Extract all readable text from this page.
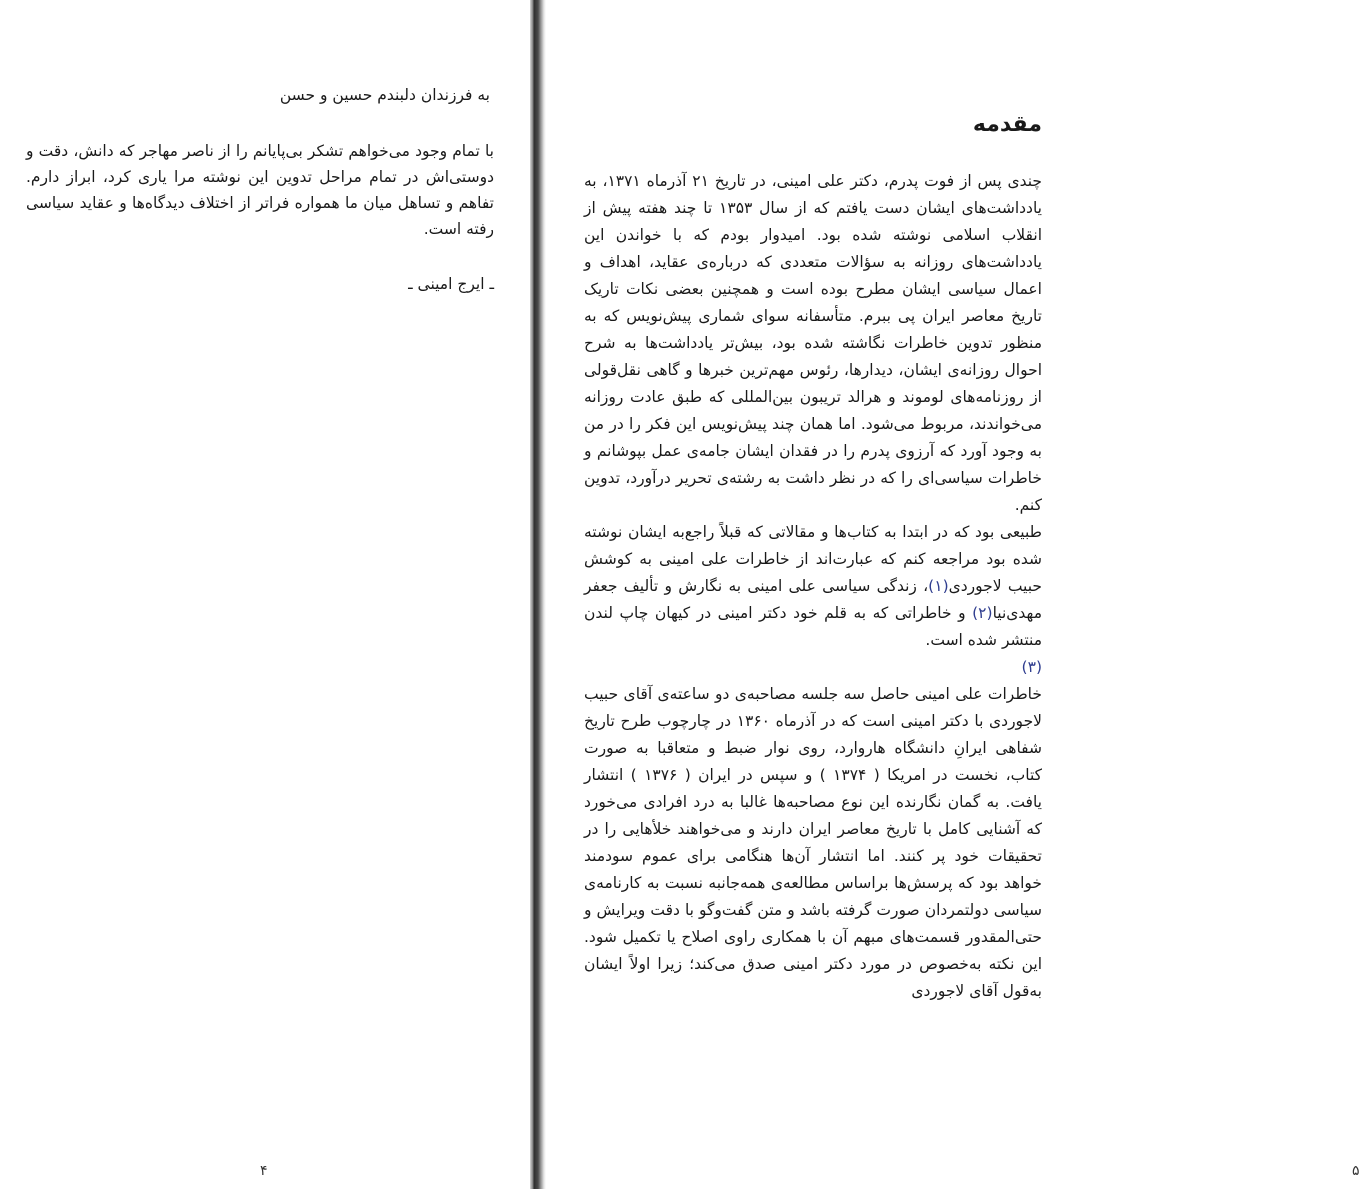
به فرزندان دلبندم حسین و حسن

با تمام وجود می‌خواهم تشکر بی‌پایانم را از ناصر مهاجر که دانش، دقت و دوستی‌اش در تمام مراحل تدوین این نوشته مرا یاری کرد، ابراز دارم. تفاهم و تساهل میان ما همواره فراتر از اختلاف دیدگاه‌ها و عقاید سیاسی رفته است.

ـ ایرج امینی ـ

۴
مقدمه

چندی پس از فوت پدرم، دکتر علی امینی، در تاریخ ۲۱ آذرماه ۱۳۷۱، به یادداشت‌های ایشان دست یافتم که از سال ۱۳۵۳ تا چند هفته پیش از انقلاب اسلامی نوشته شده بود. امیدوار بودم که با خواندن این یادداشت‌های روزانه به سؤالات متعددی که درباره‌ی عقاید، اهداف و اعمال سیاسی ایشان مطرح بوده است و همچنین بعضی نکات تاریک تاریخ معاصر ایران پی ببرم. متأسفانه سوای شماری پیش‌نویس که به منظور تدوین خاطرات نگاشته شده بود، بیش‌تر یادداشت‌ها به شرح احوال روزانه‌ی ایشان، دیدارها، رئوس مهم‌ترین خبرها و گاهی نقل‌قولی از روزنامه‌های لوموند و هرالد تریبون بین‌المللی که طبق عادت روزانه می‌خواندند، مربوط می‌شود. اما همان چند پیش‌نویس این فکر را در من به وجود آورد که آرزوی پدرم را در فقدان ایشان جامه‌ی عمل بپوشانم و خاطرات سیاسی‌ای را که در نظر داشت به رشته‌ی تحریر درآورد، تدوین کنم.

طبیعی بود که در ابتدا به کتاب‌ها و مقالاتی که قبلاً راجع‌به ایشان نوشته شده بود مراجعه کنم که عبارت‌اند از خاطرات علی امینی به کوشش حبیب لاجوردی(۱)، زندگی سیاسی علی امینی به نگارش و تألیف جعفر مهدی‌نیا(۲) و خاطراتی که به قلم خود دکتر امینی در کیهان چاپ لندن منتشر شده است.

(۳)

خاطرات علی امینی حاصل سه جلسه مصاحبه‌ی دو ساعته‌ی آقای حبیب لاجوردی با دکتر امینی است که در آذرماه ۱۳۶۰ در چارچوب طرح تاریخ شفاهی ایرانِ دانشگاه هاروارد، روی نوار ضبط و متعاقبا به صورت کتاب، نخست در امریکا ( ۱۳۷۴ ) و سپس در ایران ( ۱۳۷۶ ) انتشار یافت. به گمان نگارنده این نوع مصاحبه‌ها غالبا به درد افرادی می‌خورد که آشنایی کامل با تاریخ معاصر ایران دارند و می‌خواهند خلأهایی را در تحقیقات خود پر کنند. اما انتشار آن‌ها هنگامی برای عموم سودمند خواهد بود که پرسش‌ها براساس مطالعه‌ی همه‌جانبه نسبت به کارنامه‌ی سیاسی دولتمردان صورت گرفته باشد و متن گفت‌وگو با دقت ویرایش و حتی‌المقدور قسمت‌های مبهم آن با همکاری راوی اصلاح یا تکمیل شود. این نکته به‌خصوص در مورد دکتر امینی صدق می‌کند؛ زیرا اولاً ایشان به‌قول آقای لاجوردی

۵
